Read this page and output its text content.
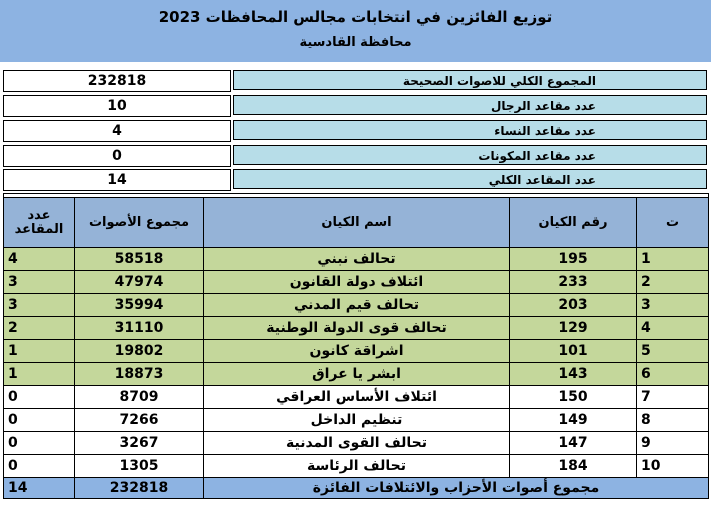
توزيع الفائزين في انتخابات مجالس المحافظات 2023
محافظة القادسية
232818	المجموع الكلي للاصوات الصحيحة
10	عدد مقاعد الرجال
4	عدد مقاعد النساء
0	عدد مقاعد المكونات
14	عدد المقاعد الكلي
ت	رقم الكيان	اسم الكيان	مجموع الأصوات	عدد
المقاعد

1	195	تحالف نبني	58518	4
2	233	ائتلاف دولة القانون	47974	3
3	203	تحالف قيم المدني	35994	3
4	129	تحالف قوى الدولة الوطنية	31110	2
5	101	اشراقة كانون	19802	1
6	143	ابشر يا عراق	18873	1
7	150	ائتلاف الأساس العراقي	8709	0
8	149	تنظيم الداخل	7266	0
9	147	تحالف القوى المدنية	3267	0
10	184	تحالف الرئاسة	1305	0
مجموع أصوات الأحزاب والائتلافات الفائزة			232818	14
